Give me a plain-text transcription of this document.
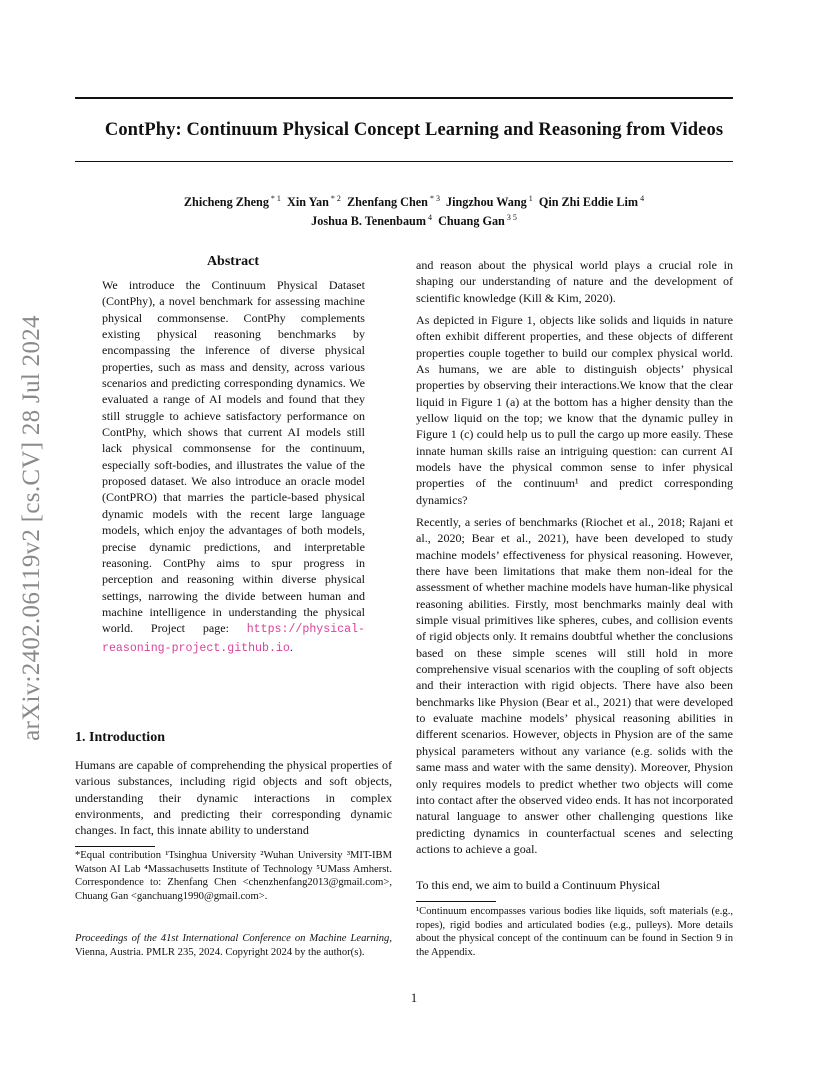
ContPhy: Continuum Physical Concept Learning and Reasoning from Videos
Zhicheng Zheng $^{* 1}$  Xin Yan $^{* 2}$  Zhenfang Chen $^{* 3}$  Jingzhou Wang $^1$  Qin Zhi Eddie Lim $^4$
Joshua B. Tenenbaum $^4$  Chuang Gan $^{3 5}$
arXiv:2402.06119v2 [cs.CV] 28 Jul 2024
Abstract
We introduce the Continuum Physical Dataset (ContPhy), a novel benchmark for assessing machine physical commonsense. ContPhy complements existing physical reasoning benchmarks by encompassing the inference of diverse physical properties, such as mass and density, across various scenarios and predicting corresponding dynamics. We evaluated a range of AI models and found that they still struggle to achieve satisfactory performance on ContPhy, which shows that current AI models still lack physical commonsense for the continuum, especially soft-bodies, and illustrates the value of the proposed dataset. We also introduce an oracle model (ContPRO) that marries the particle-based physical dynamic models with the recent large language models, which enjoy the advantages of both models, precise dynamic predictions, and interpretable reasoning. ContPhy aims to spur progress in perception and reasoning within diverse physical settings, narrowing the divide between human and machine intelligence in understanding the physical world. Project page: https://physical-reasoning-project.github.io.
1. Introduction

Humans are capable of comprehending the physical properties of various substances, including rigid objects and soft objects, understanding their dynamic interactions in complex environments, and predicting their corresponding dynamic changes. In fact, this innate ability to understand

*Equal contribution ¹Tsinghua University ²Wuhan University ³MIT-IBM Watson AI Lab ⁴Massachusetts Institute of Technology ⁵UMass Amherst. Correspondence to: Zhenfang Chen <chenzhenfang2013@gmail.com>, Chuang Gan <ganchuang1990@gmail.com>.
Proceedings of the 41st International Conference on Machine Learning, Vienna, Austria. PMLR 235, 2024. Copyright 2024 by the author(s).

and reason about the physical world plays a crucial role in shaping our understanding of nature and the development of scientific knowledge (Kill & Kim, 2020).

As depicted in Figure 1, objects like solids and liquids in nature often exhibit different properties, and these objects of different properties couple together to build our complex physical world. As humans, we are able to distinguish objects’ physical properties by observing their interactions.We know that the clear liquid in Figure 1 (a) at the bottom has a higher density than the yellow liquid on the top; we know that the dynamic pulley in Figure 1 (c) could help us to pull the cargo up more easily. These innate human skills raise an intriguing question: can current AI models have the physical common sense to infer physical properties of the continuum¹ and predict corresponding dynamics?

Recently, a series of benchmarks (Riochet et al., 2018; Rajani et al., 2020; Bear et al., 2021), have been developed to study machine models’ effectiveness for physical reasoning. However, there have been limitations that make them non-ideal for the assessment of whether machine models have human-like physical reasoning abilities. Firstly, most benchmarks mainly deal with simple visual primitives like spheres, cubes, and collision events of rigid objects only. It remains doubtful whether the conclusions based on these simple scenes will still hold in more comprehensive visual scenarios with the coupling of soft objects and their interaction with rigid objects. There have also been benchmarks like Physion (Bear et al., 2021) that were developed to evaluate machine models’ physical reasoning abilities in different scenarios. However, objects in Physion are of the same physical parameters without any variance (e.g. solids with the same mass and water with the same density). Moreover, Physion only requires models to predict whether two objects will come into contact after the observed video ends. It has not incorporated natural language to answer other challenging questions like predicting dynamics in counterfactual scenes and selecting actions to achieve a goal.

To this end, we aim to build a Continuum Physical

¹Continuum encompasses various bodies like liquids, soft materials (e.g., ropes), rigid bodies and articulated bodies (e.g., pulleys). More details about the physical concept of the continuum can be found in Section 9 in the Appendix.
1
